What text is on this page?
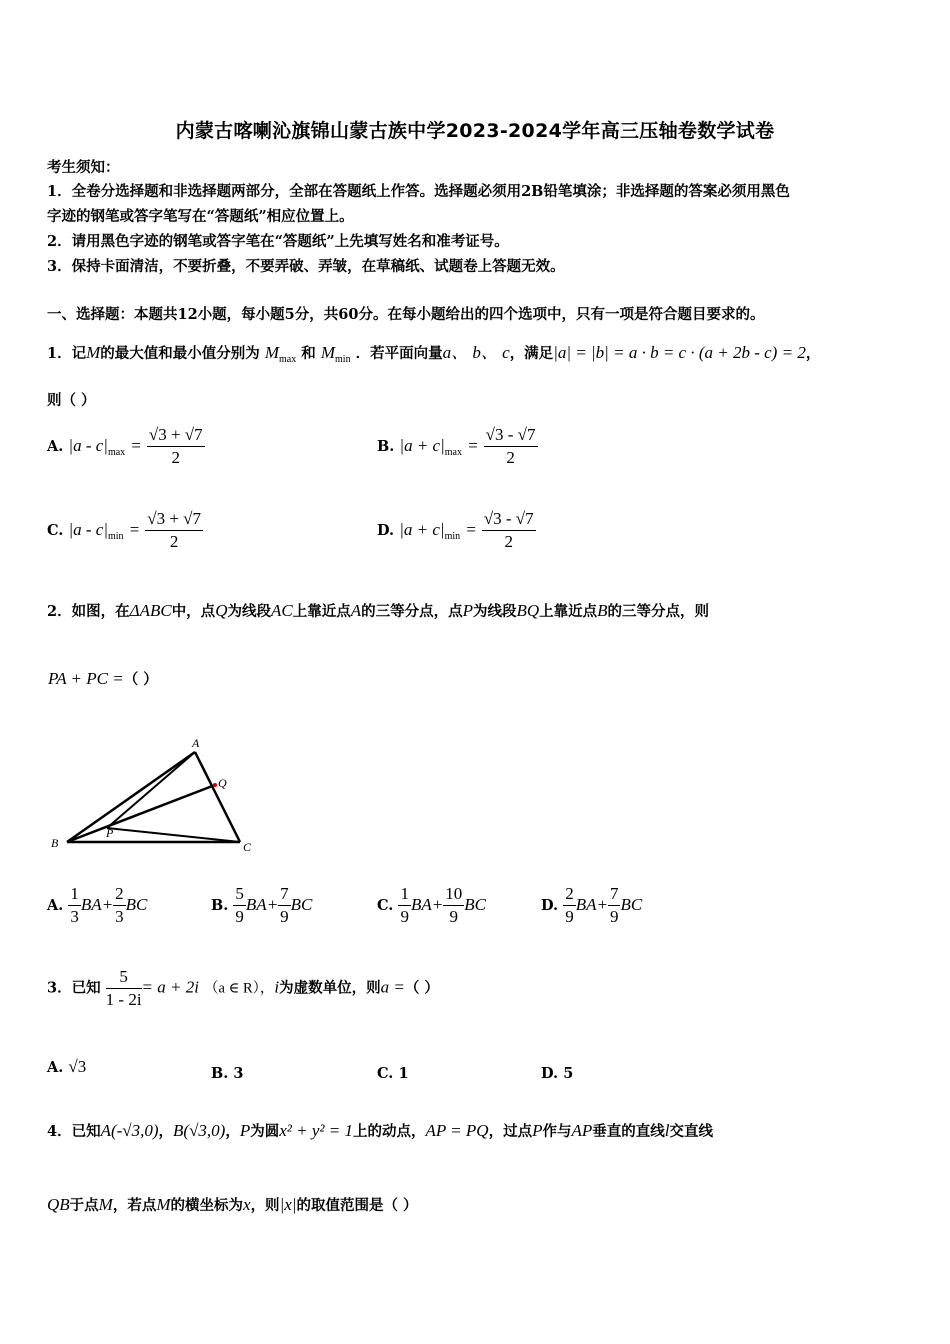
内蒙古喀喇沁旗锦山蒙古族中学2023-2024学年高三压轴卷数学试卷
考生须知：
1．全卷分选择题和非选择题两部分，全部在答题纸上作答。选择题必须用2B铅笔填涂；非选择题的答案必须用黑色
字迹的钢笔或答字笔写在“答题纸”相应位置上。
2．请用黑色字迹的钢笔或答字笔在“答题纸”上先填写姓名和准考证号。
3．保持卡面清洁，不要折叠，不要弄破、弄皱，在草稿纸、试题卷上答题无效。
一、选择题：本题共12小题，每小题5分，共60分。在每小题给出的四个选项中，只有一项是符合题目要求的。
1．记M的最大值和最小值分别为 $M_{max}$ 和 $M_{min}$ ．若平面向量a、 b、 c，满足|a| = |b| = a · b = c · (a + 2b - c) = 2，
则（ ）
A. $|a - c|_{max} = \frac{√3 + √7}{2}$	B. $|a + c|_{max} = \frac{√3 - √7}{2}$
C. $|a - c|_{min} = \frac{√3 + √7}{2}$	D. $|a + c|_{min} = \frac{√3 - √7}{2}$
2．如图，在ΔABC中，点Q为线段AC上靠近点A的三等分点，点P为线段BQ上靠近点B的三等分点，则
PA + PC =（ ）
A
B	C
P
Q
A. $\frac{1}{3} BA+ \frac{2}{3}$ BC	B. $\frac{5}{9} BA+ \frac{7}{9}$ BC	C. $\frac{1}{9} BA+ \frac{10}{9}$ BC	D. $\frac{2}{9} BA+ \frac{7}{9}$ BC
3．已知 $\frac{5}{1 - 2i} = a + 2i$ （a ∈ R），i为虚数单位，则a =（ ）
A. √3	B. 3	C. 1	D. 5
4．已知A(-√3,0)，B(√3,0)，P为圆x² + y² = 1上的动点，AP = PQ，过点P作与AP垂直的直线l交直线
QB于点M，若点M的横坐标为x，则|x|的取值范围是（ ）
